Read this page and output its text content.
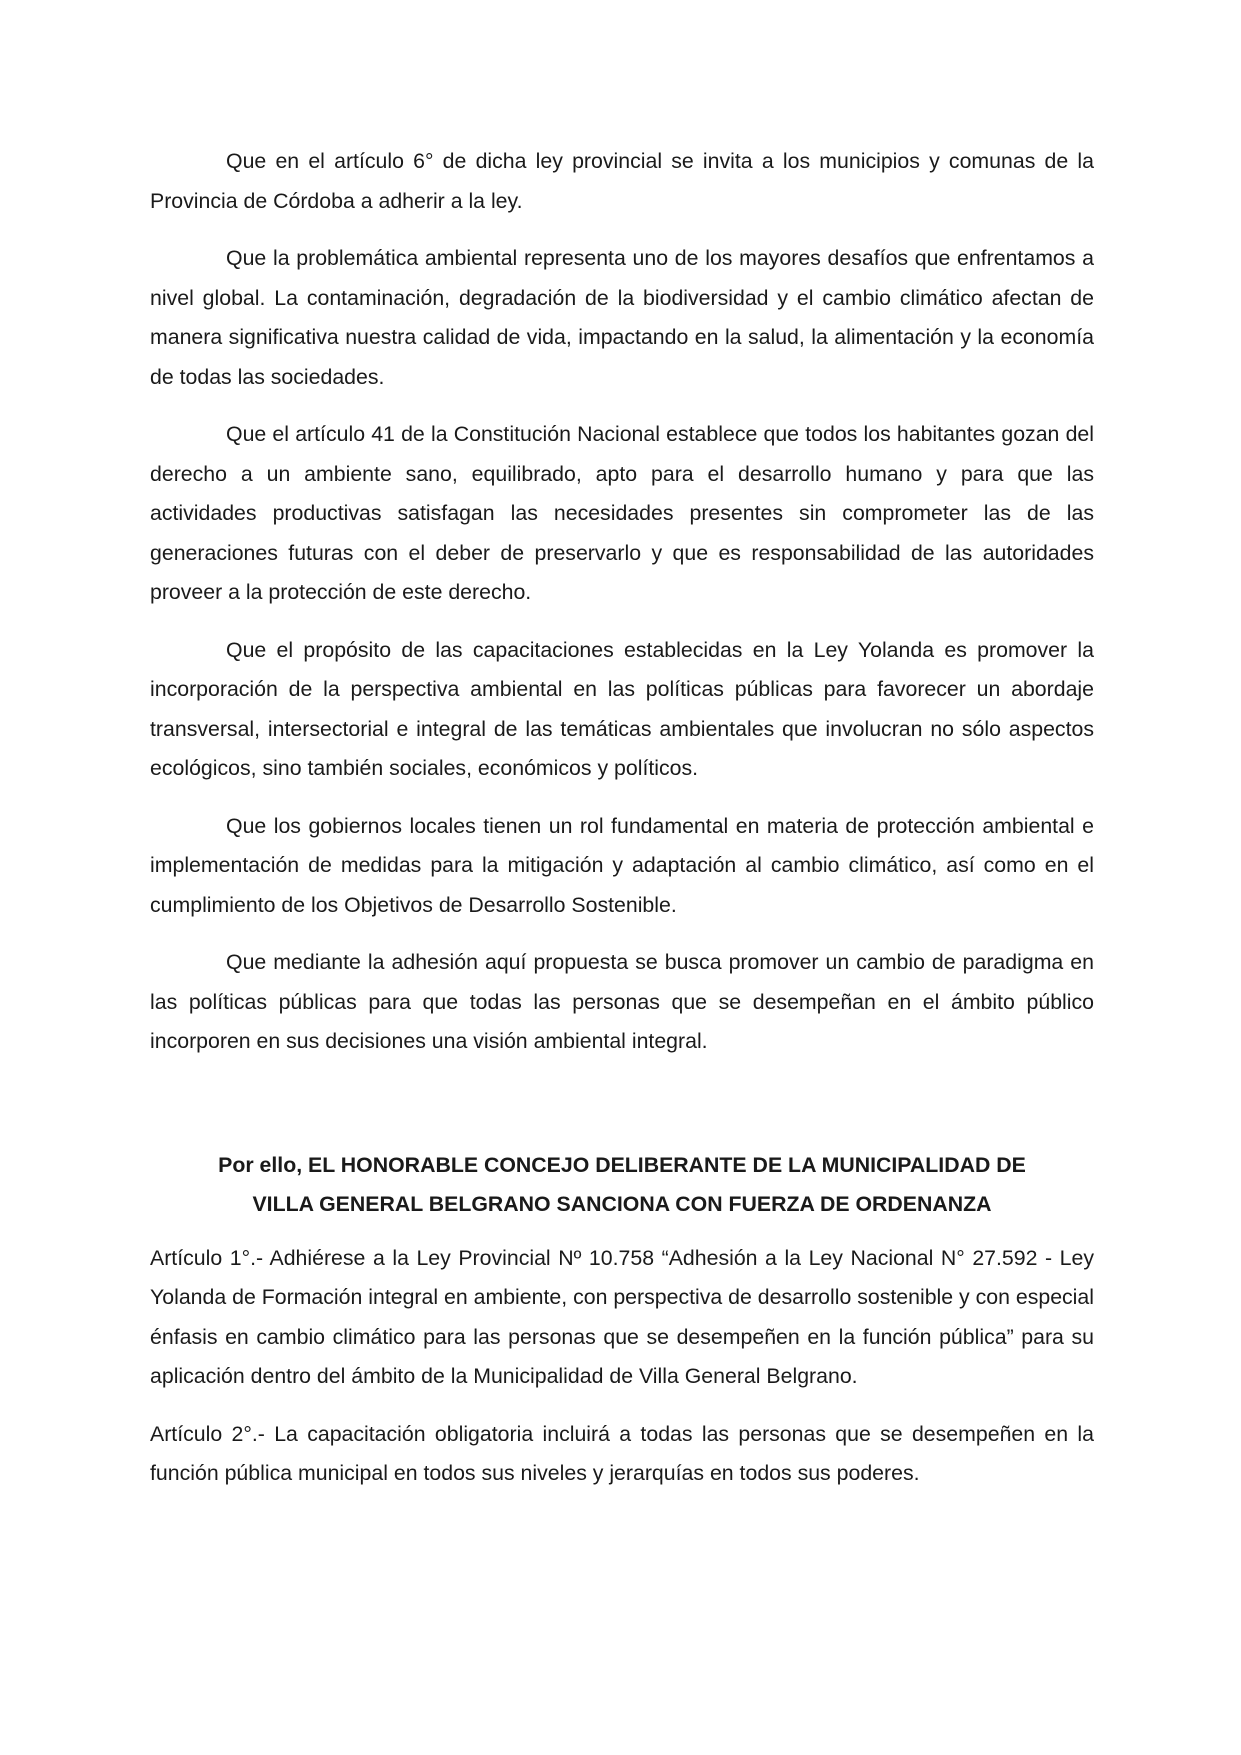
Que en el artículo 6° de dicha ley provincial se invita a los municipios y comunas de la Provincia de Córdoba a adherir a la ley.

Que la problemática ambiental representa uno de los mayores desafíos que enfrentamos a nivel global. La contaminación, degradación de la biodiversidad y el cambio climático afectan de manera significativa nuestra calidad de vida, impactando en la salud, la alimentación y la economía de todas las sociedades.

Que el artículo 41 de la Constitución Nacional establece que todos los habitantes gozan del derecho a un ambiente sano, equilibrado, apto para el desarrollo humano y para que las actividades productivas satisfagan las necesidades presentes sin comprometer las de las generaciones futuras con el deber de preservarlo y que es responsabilidad de las autoridades proveer a la protección de este derecho.

Que el propósito de las capacitaciones establecidas en la Ley Yolanda es promover la incorporación de la perspectiva ambiental en las políticas públicas para favorecer un abordaje transversal, intersectorial e integral de las temáticas ambientales que involucran no sólo aspectos ecológicos, sino también sociales, económicos y políticos.

Que los gobiernos locales tienen un rol fundamental en materia de protección ambiental e implementación de medidas para la mitigación y adaptación al cambio climático, así como en el cumplimiento de los Objetivos de Desarrollo Sostenible.

Que mediante la adhesión aquí propuesta se busca promover un cambio de paradigma en las políticas públicas para que todas las personas que se desempeñan en el ámbito público incorporen en sus decisiones una visión ambiental integral.

Por ello, EL HONORABLE CONCEJO DELIBERANTE DE LA MUNICIPALIDAD DE
VILLA GENERAL BELGRANO SANCIONA CON FUERZA DE ORDENANZA

Artículo 1°.- Adhiérese a la Ley Provincial Nº 10.758 “Adhesión a la Ley Nacional N° 27.592 - Ley Yolanda de Formación integral en ambiente, con perspectiva de desarrollo sostenible y con especial énfasis en cambio climático para las personas que se desempeñen en la función pública” para su aplicación dentro del ámbito de la Municipalidad de Villa General Belgrano.

Artículo 2°.- La capacitación obligatoria incluirá a todas las personas que se desempeñen en la función pública municipal en todos sus niveles y jerarquías en todos sus poderes.
